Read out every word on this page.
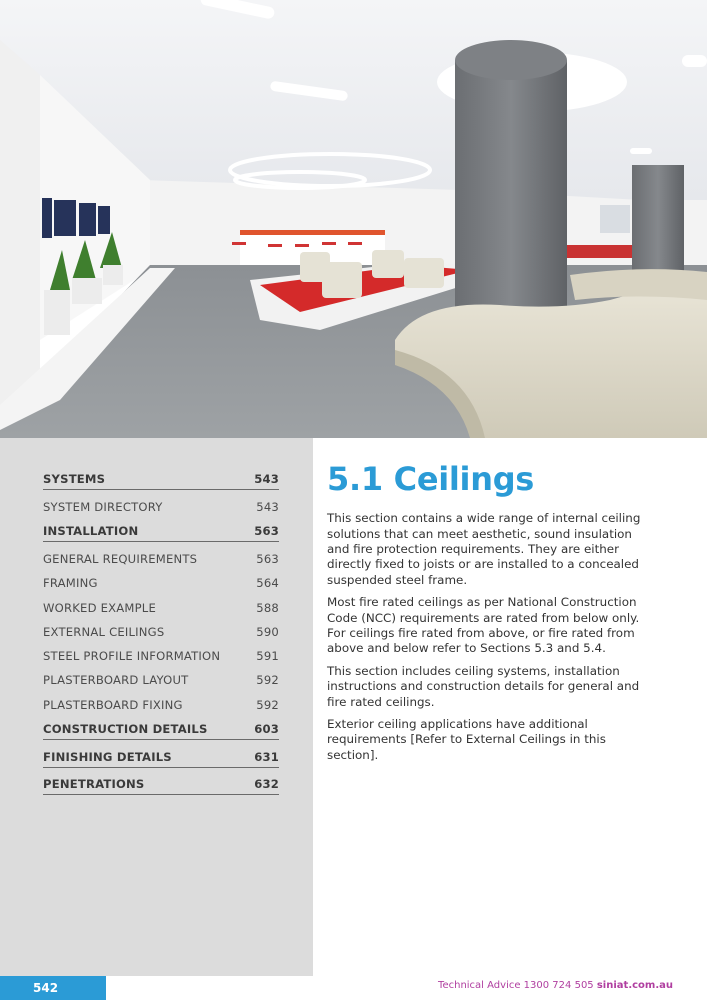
SYSTEMS	543
SYSTEM DIRECTORY	543
INSTALLATION	563
GENERAL REQUIREMENTS	563
FRAMING	564
WORKED EXAMPLE	588
EXTERNAL CEILINGS	590
STEEL PROFILE INFORMATION	591
PLASTERBOARD LAYOUT	592
PLASTERBOARD FIXING	592
CONSTRUCTION DETAILS	603
FINISHING DETAILS	631
PENETRATIONS	632
5.1 Ceilings

This section contains a wide range of internal ceiling solutions that can meet aesthetic, sound insulation and fire protection requirements. They are either directly fixed to joists or are installed to a concealed suspended steel frame.

Most fire rated ceilings as per National Construction Code (NCC) requirements are rated from below only. For ceilings fire rated from above, or fire rated from above and below refer to Sections 5.3 and 5.4.

This section includes ceiling systems, installation instructions and construction details for general and fire rated ceilings.

Exterior ceiling applications have additional requirements [Refer to External Ceilings in this section].

542	Technical Advice 1300 724 505 siniat.com.au
